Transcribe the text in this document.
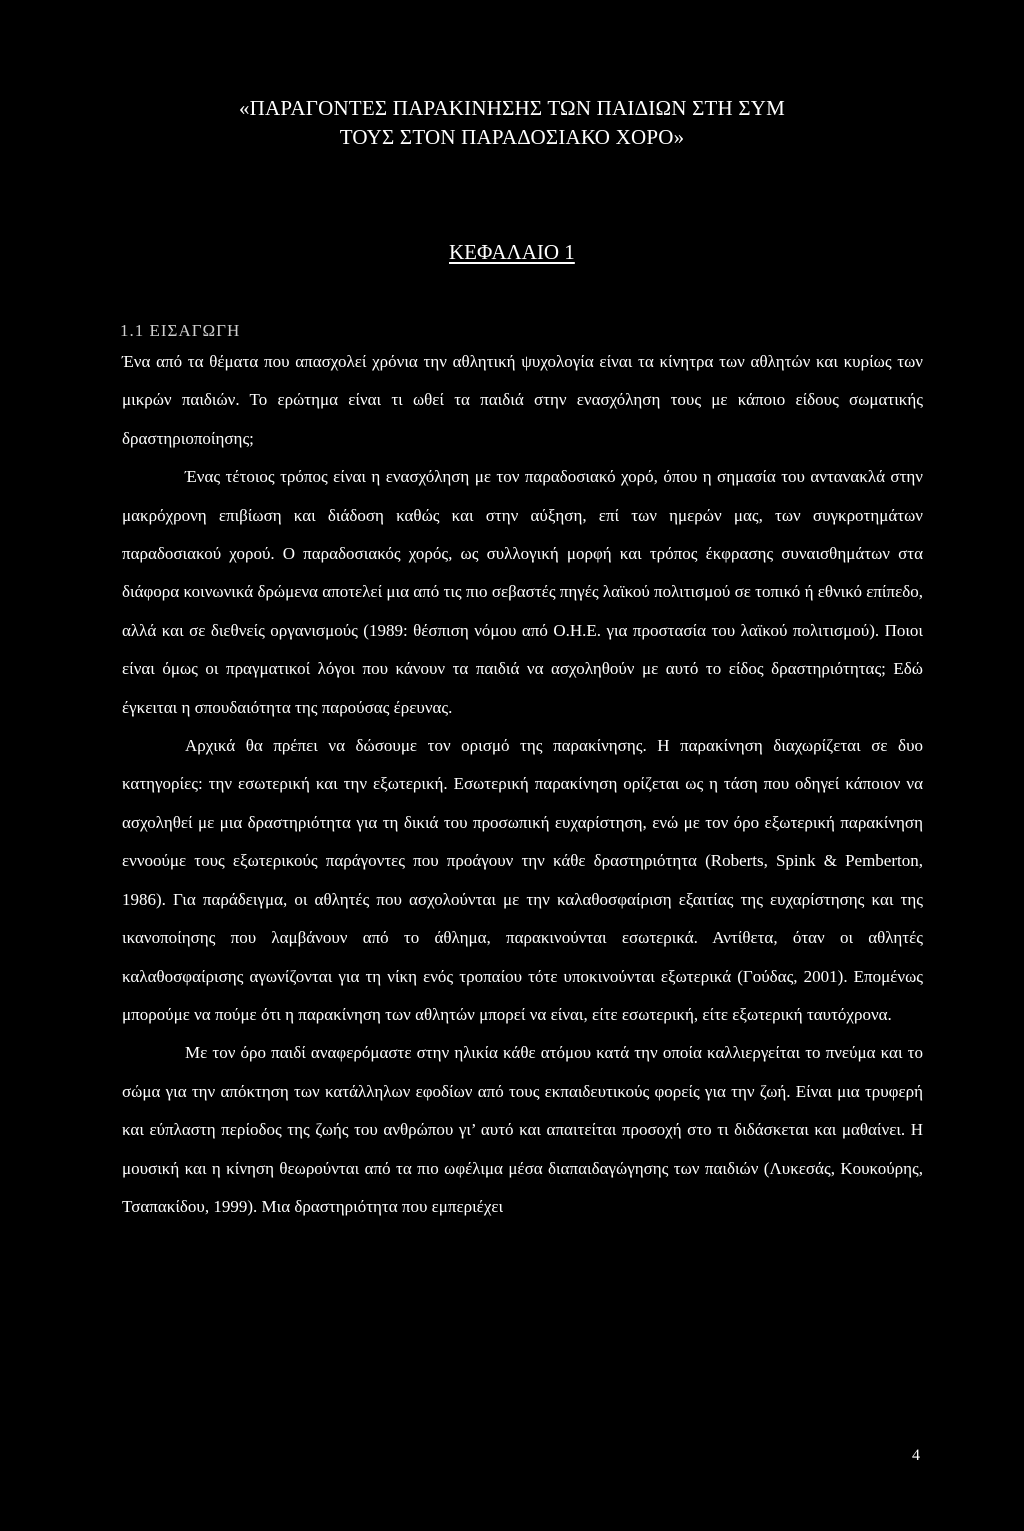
«ΠΑΡΑΓΟΝΤΕΣ ΠΑΡΑΚΙΝΗΣΗΣ ΤΩΝ ΠΑΙΔΙΩΝ ΣΤΗ ΣΥΜ
ΤΟΥΣ ΣΤΟΝ ΠΑΡΑΔΟΣΙΑΚΟ ΧΟΡΟ»
ΚΕΦΑΛΑΙΟ 1
1.1 ΕΙΣΑΓΩΓΗ

Ένα από τα θέματα που απασχολεί χρόνια την αθλητική ψυχολογία είναι τα κίνητρα των αθλητών και κυρίως των μικρών παιδιών. Το ερώτημα είναι τι ωθεί τα παιδιά στην ενασχόληση τους με κάποιο είδους σωματικής δραστηριοποίησης;

Ένας τέτοιος τρόπος είναι η ενασχόληση με τον παραδοσιακό χορό, όπου η σημασία του αντανακλά στην μακρόχρονη επιβίωση και διάδοση καθώς και στην αύξηση, επί των ημερών μας, των συγκροτημάτων παραδοσιακού χορού. Ο παραδοσιακός χορός, ως συλλογική μορφή και τρόπος έκφρασης συναισθημάτων στα διάφορα κοινωνικά δρώμενα αποτελεί μια από τις πιο σεβαστές πηγές λαϊκού πολιτισμού σε τοπικό ή εθνικό επίπεδο, αλλά και σε διεθνείς οργανισμούς (1989: θέσπιση νόμου από Ο.Η.Ε. για προστασία του λαϊκού πολιτισμού). Ποιοι είναι όμως οι πραγματικοί λόγοι που κάνουν τα παιδιά να ασχοληθούν με αυτό το είδος δραστηριότητας; Εδώ έγκειται η σπουδαιότητα της παρούσας έρευνας.

Αρχικά θα πρέπει να δώσουμε τον ορισμό της παρακίνησης. Η παρακίνηση διαχωρίζεται σε δυο κατηγορίες: την εσωτερική και την εξωτερική. Εσωτερική παρακίνηση ορίζεται ως η τάση που οδηγεί κάποιον να ασχοληθεί με μια δραστηριότητα για τη δικιά του προσωπική ευχαρίστηση, ενώ με τον όρο εξωτερική παρακίνηση εννοούμε τους εξωτερικούς παράγοντες που προάγουν την κάθε δραστηριότητα (Roberts, Spink & Pemberton, 1986). Για παράδειγμα, οι αθλητές που ασχολούνται με την καλαθοσφαίριση εξαιτίας της ευχαρίστησης και της ικανοποίησης που λαμβάνουν από το άθλημα, παρακινούνται εσωτερικά. Αντίθετα, όταν οι αθλητές καλαθοσφαίρισης αγωνίζονται για τη νίκη ενός τροπαίου τότε υποκινούνται εξωτερικά (Γούδας, 2001). Επομένως μπορούμε να πούμε ότι η παρακίνηση των αθλητών μπορεί να είναι, είτε εσωτερική, είτε εξωτερική ταυτόχρονα.

Με τον όρο παιδί αναφερόμαστε στην ηλικία κάθε ατόμου κατά την οποία καλλιεργείται το πνεύμα και το σώμα για την απόκτηση των κατάλληλων εφοδίων από τους εκπαιδευτικούς φορείς για την ζωή. Είναι μια τρυφερή και εύπλαστη περίοδος της ζωής του ανθρώπου γι’ αυτό και απαιτείται προσοχή στο τι διδάσκεται και μαθαίνει. Η μουσική και η κίνηση θεωρούνται από τα πιο ωφέλιμα μέσα διαπαιδαγώγησης των παιδιών (Λυκεσάς, Κουκούρης, Τσαπακίδου, 1999). Μια δραστηριότητα που εμπεριέχει

4
